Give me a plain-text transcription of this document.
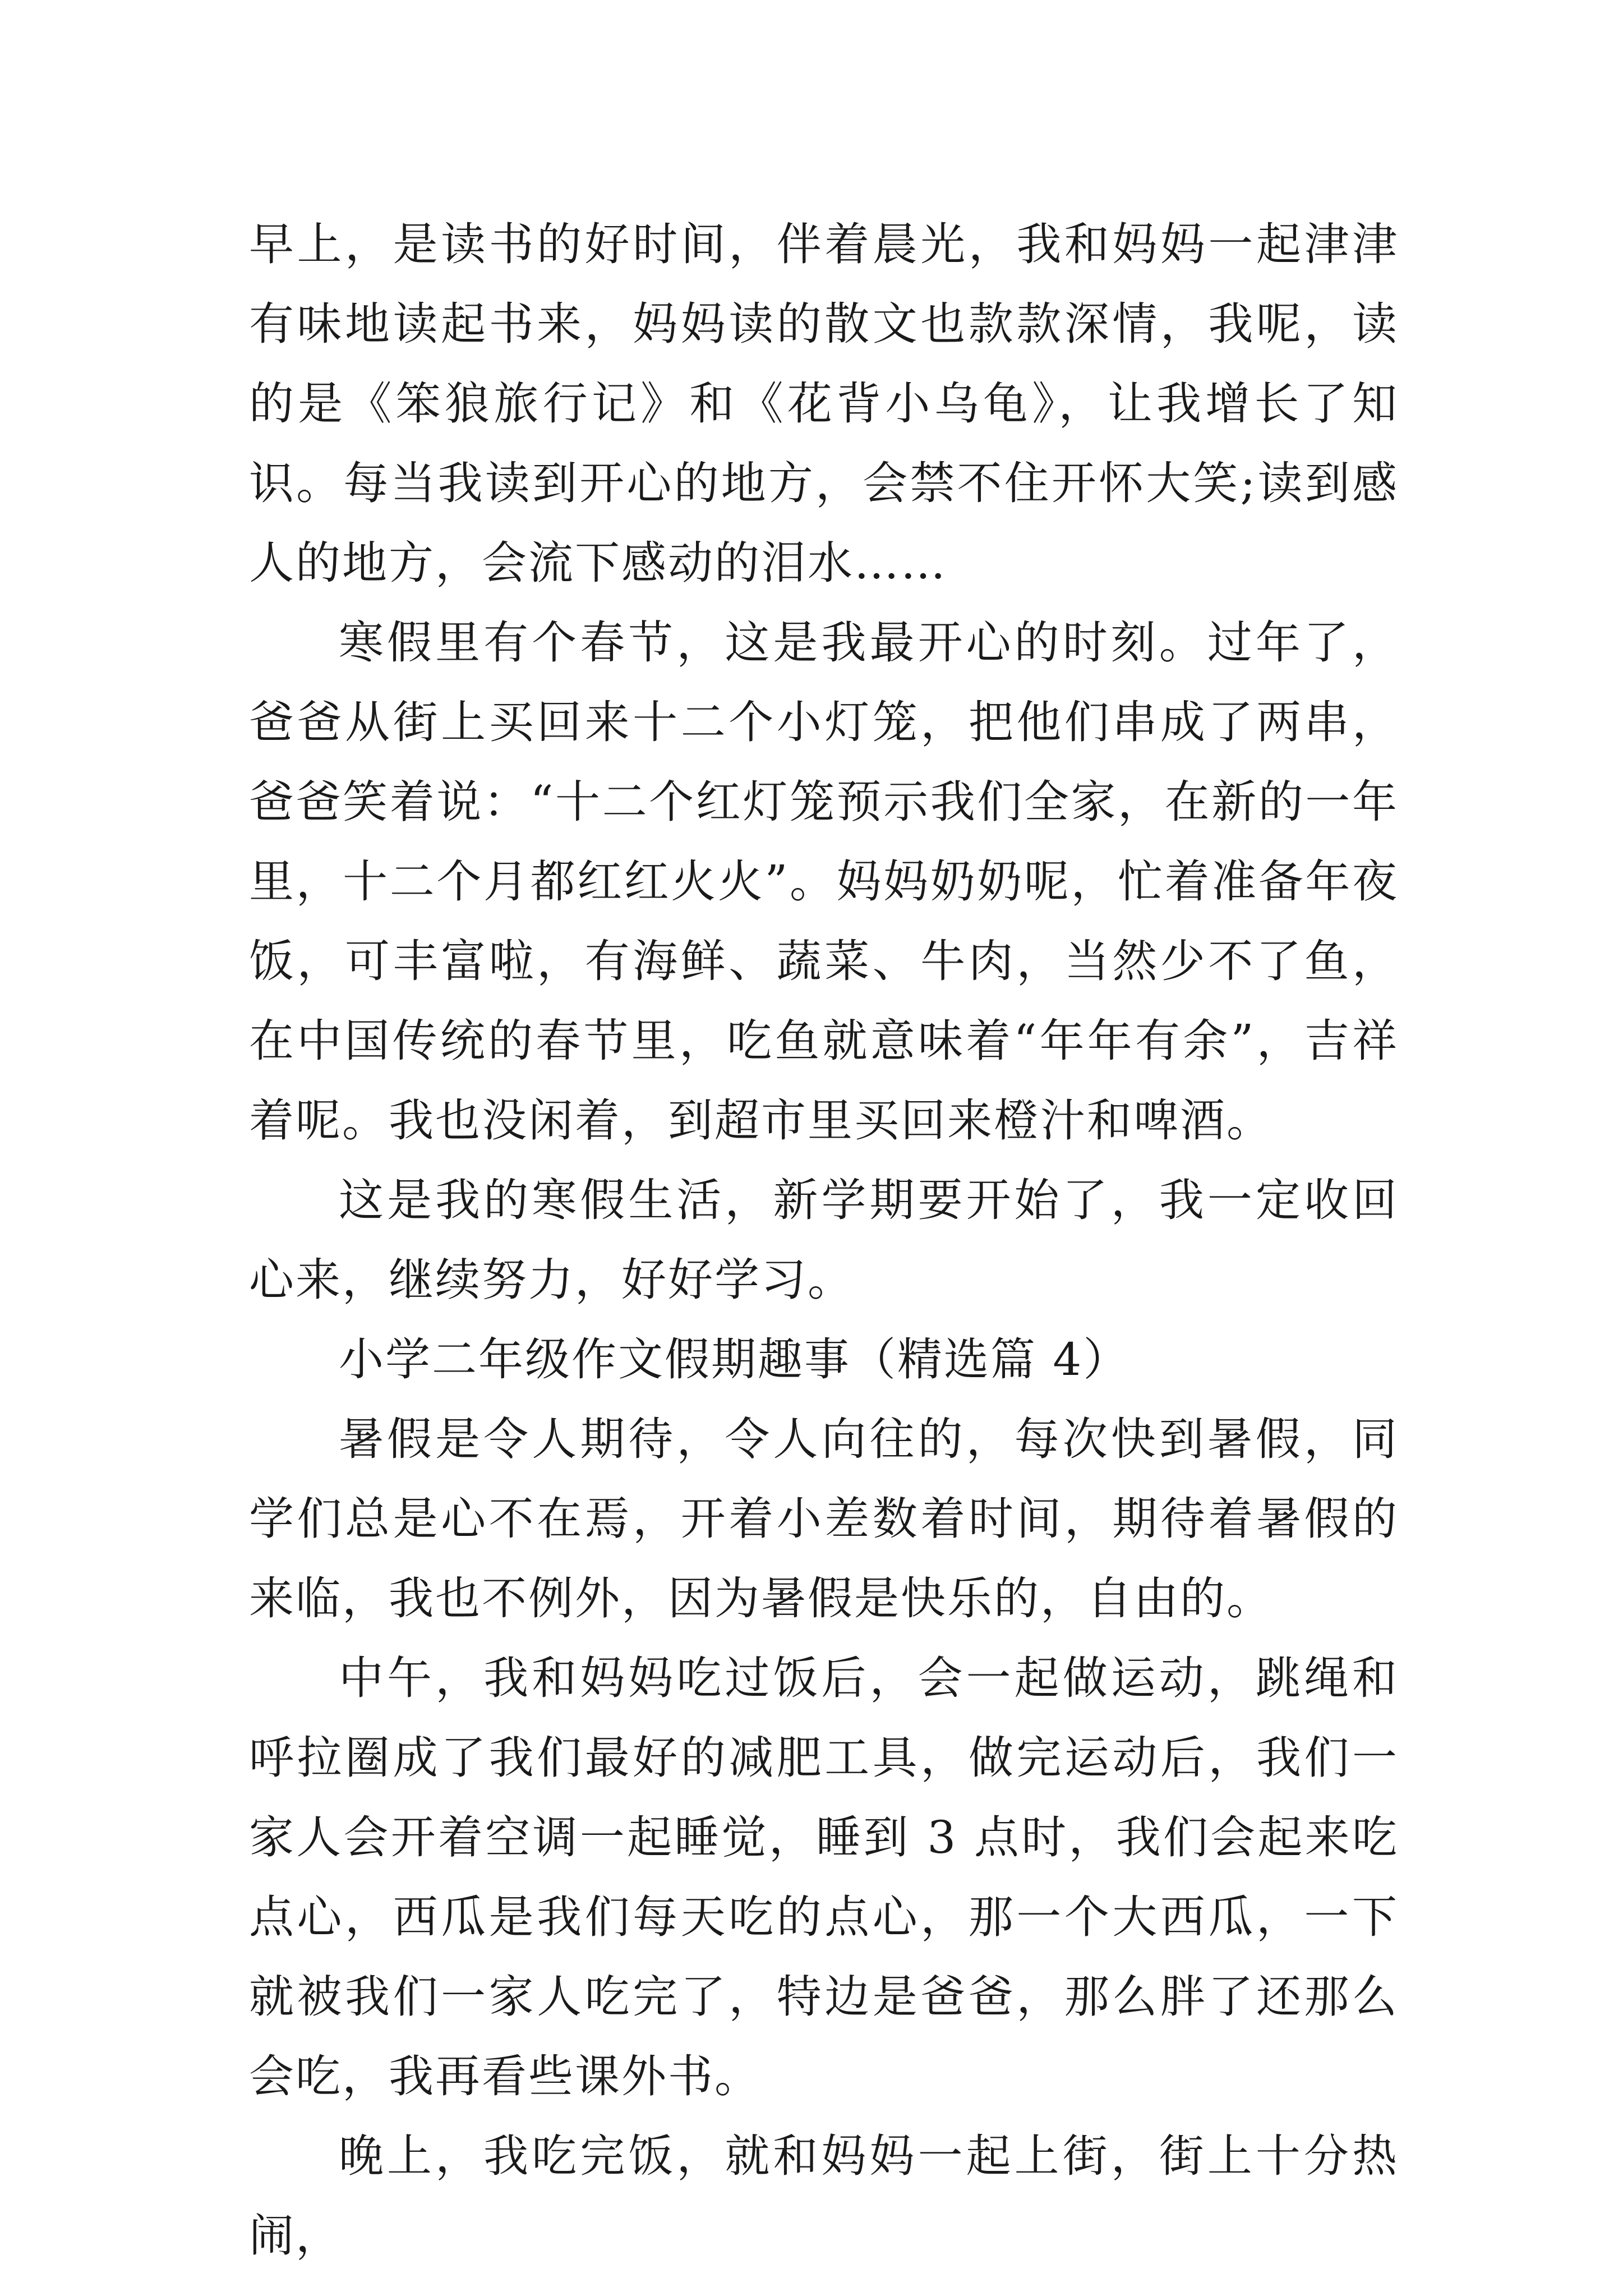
早上，是读书的好时间，伴着晨光，我和妈妈一起津津有味地读起书来，妈妈读的散文也款款深情，我呢，读的是《笨狼旅行记》和《花背小乌龟》，让我增长了知识。每当我读到开心的地方，会禁不住开怀大笑;读到感人的地方，会流下感动的泪水……

寒假里有个春节，这是我最开心的时刻。过年了，爸爸从街上买回来十二个小灯笼，把他们串成了两串，爸爸笑着说：“十二个红灯笼预示我们全家，在新的一年里，十二个月都红红火火”。妈妈奶奶呢，忙着准备年夜饭，可丰富啦，有海鲜、蔬菜、牛肉，当然少不了鱼，在中国传统的春节里，吃鱼就意味着“年年有余”，吉祥着呢。我也没闲着，到超市里买回来橙汁和啤酒。

这是我的寒假生活，新学期要开始了，我一定收回心来，继续努力，好好学习。

小学二年级作文假期趣事（精选篇 4）

暑假是令人期待，令人向往的，每次快到暑假，同学们总是心不在焉，开着小差数着时间，期待着暑假的来临，我也不例外，因为暑假是快乐的，自由的。

中午，我和妈妈吃过饭后，会一起做运动，跳绳和呼拉圈成了我们最好的减肥工具，做完运动后，我们一家人会开着空调一起睡觉，睡到 3 点时，我们会起来吃点心，西瓜是我们每天吃的点心，那一个大西瓜，一下就被我们一家人吃完了，特边是爸爸，那么胖了还那么会吃，我再看些课外书。

晚上，我吃完饭，就和妈妈一起上街，街上十分热闹，
